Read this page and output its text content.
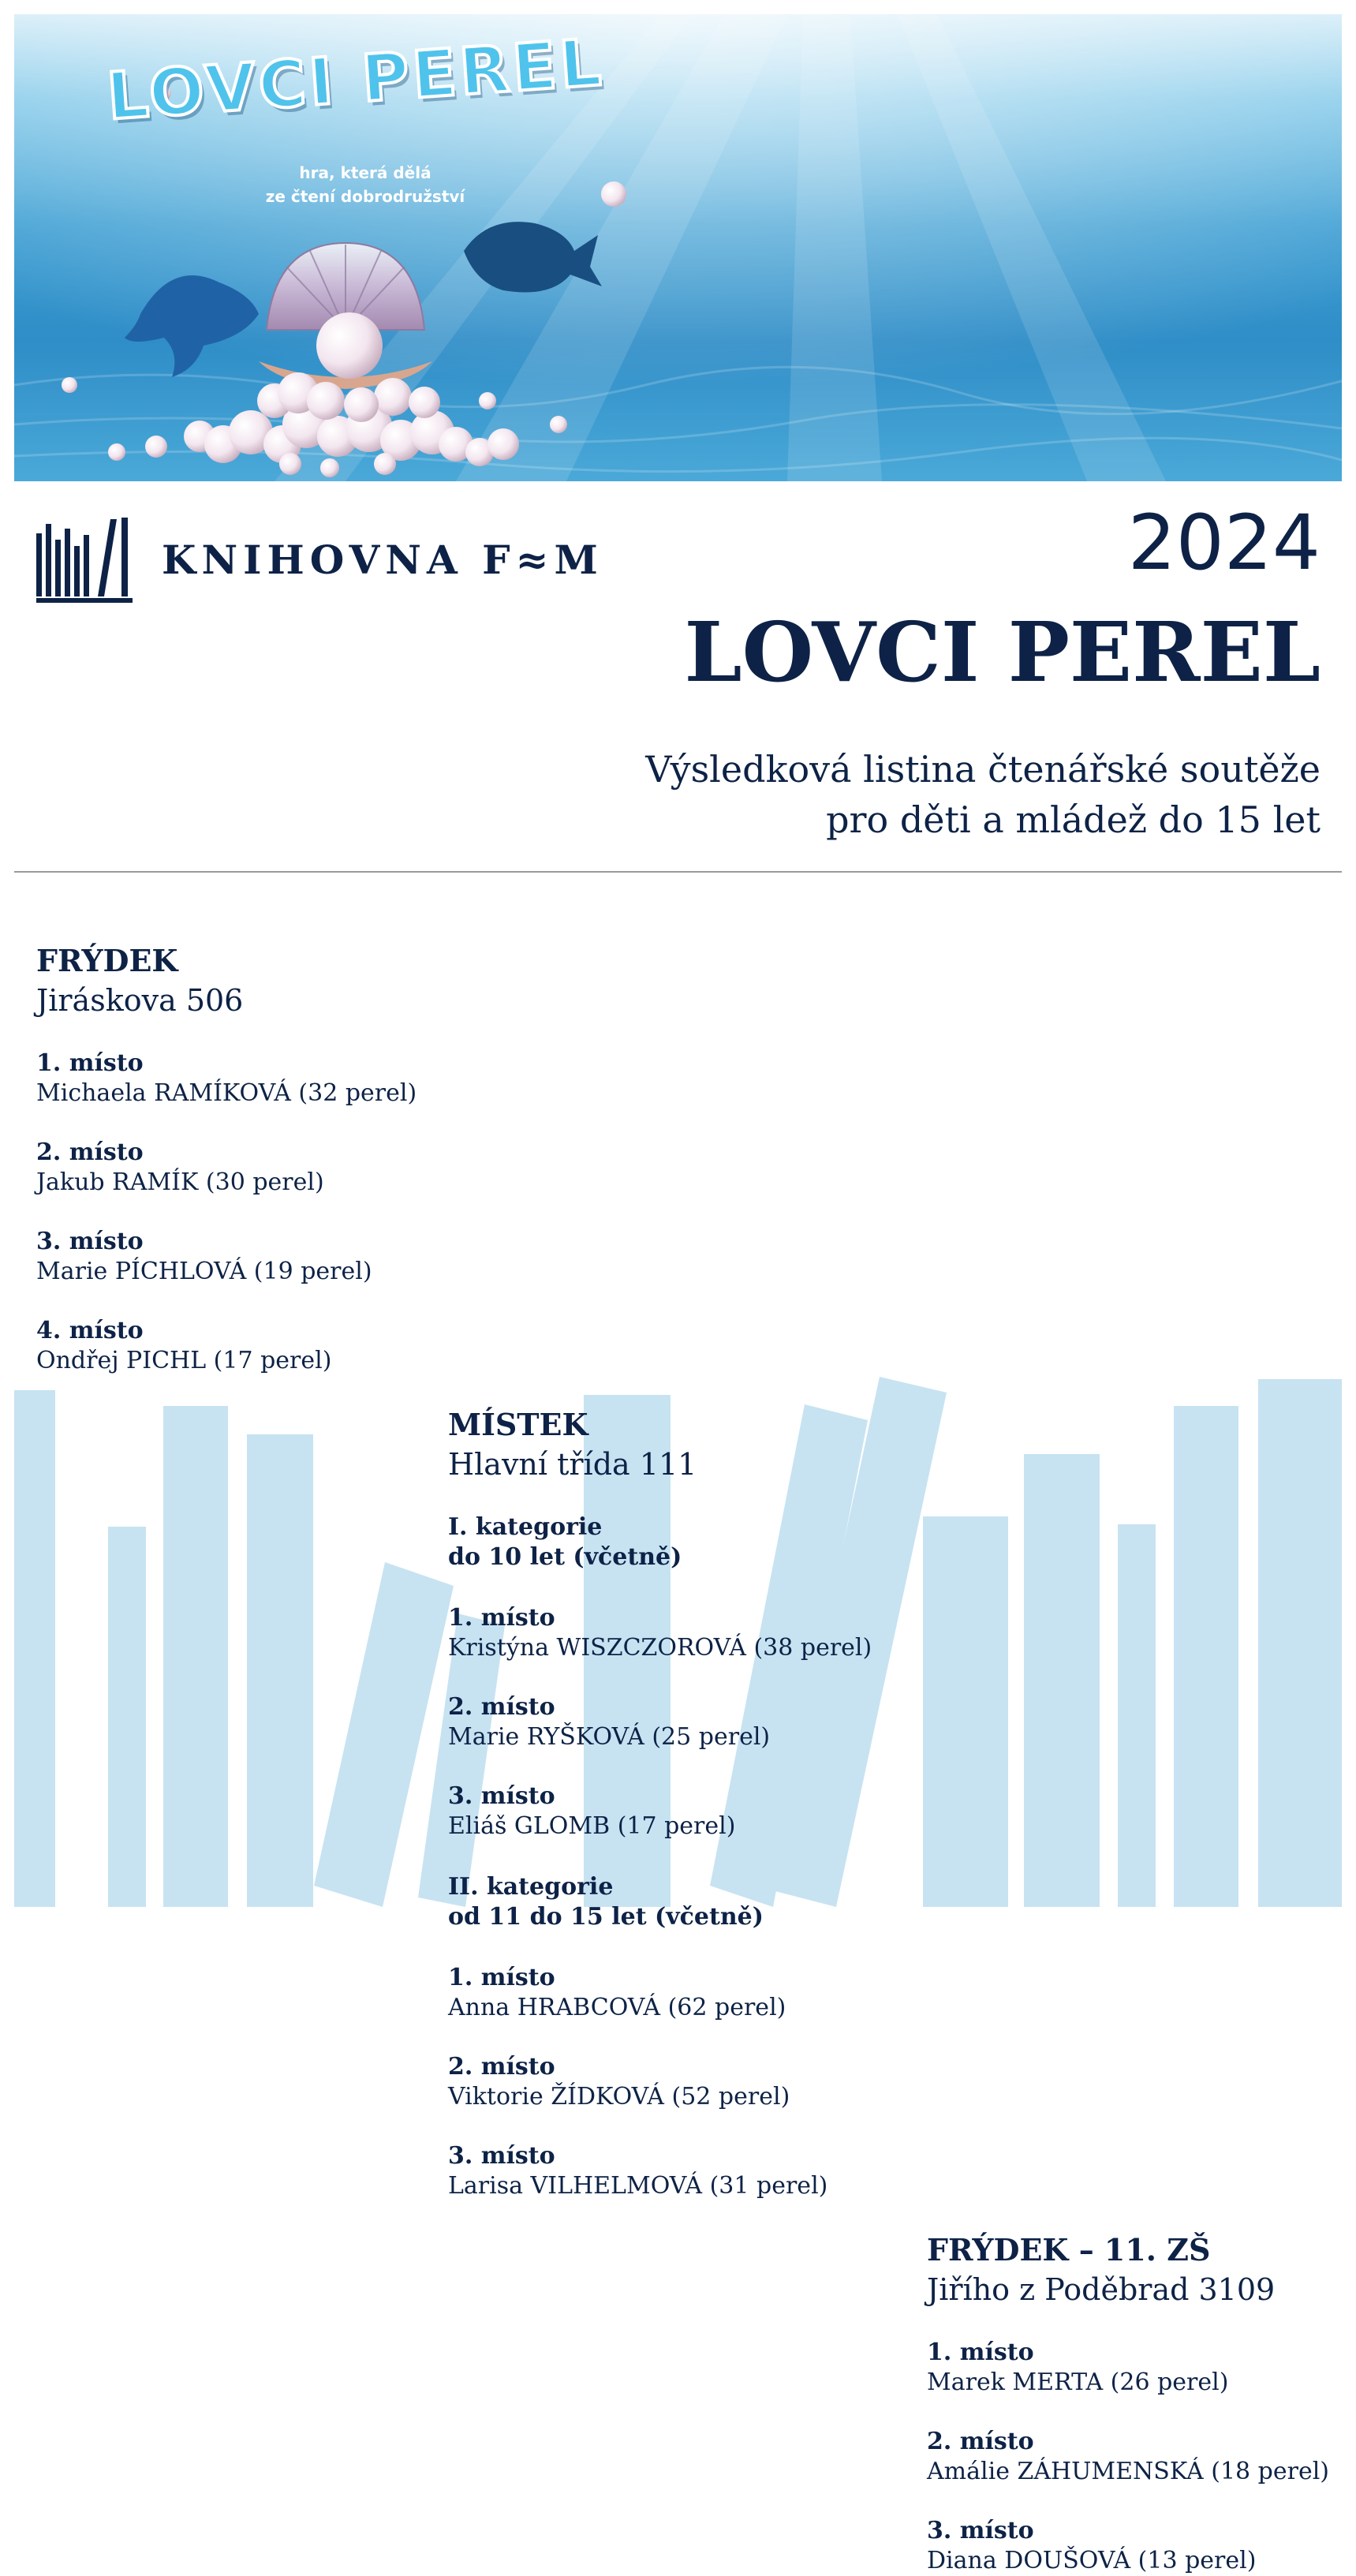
LOVCI PEREL
hra, která dělá
ze čtení dobrodružství
KNIHOVNA F≈M	2024
LOVCI PEREL
Výsledková listina čtenářské soutěže
pro děti a mládež do 15 let
FRÝDEK
Jiráskova 506
1. místo
Michaela RAMÍKOVÁ (32 perel)
2. místo
Jakub RAMÍK (30 perel)
3. místo
Marie PÍCHLOVÁ (19 perel)
4. místo
Ondřej PICHL (17 perel)
MÍSTEK
Hlavní třída 111
I. kategorie
do 10 let (včetně)
1. místo
Kristýna WISZCZOROVÁ (38 perel)
2. místo
Marie RYŠKOVÁ (25 perel)
3. místo
Eliáš GLOMB (17 perel)
II. kategorie
od 11 do 15 let (včetně)
1. místo
Anna HRABCOVÁ (62 perel)
2. místo
Viktorie ŽÍDKOVÁ (52 perel)
3. místo
Larisa VILHELMOVÁ (31 perel)
FRÝDEK – 11. ZŠ
Jiřího z Poděbrad 3109
1. místo
Marek MERTA (26 perel)
2. místo
Amálie ZÁHUMENSKÁ (18 perel)
3. místo
Diana DOUŠOVÁ (13 perel)
